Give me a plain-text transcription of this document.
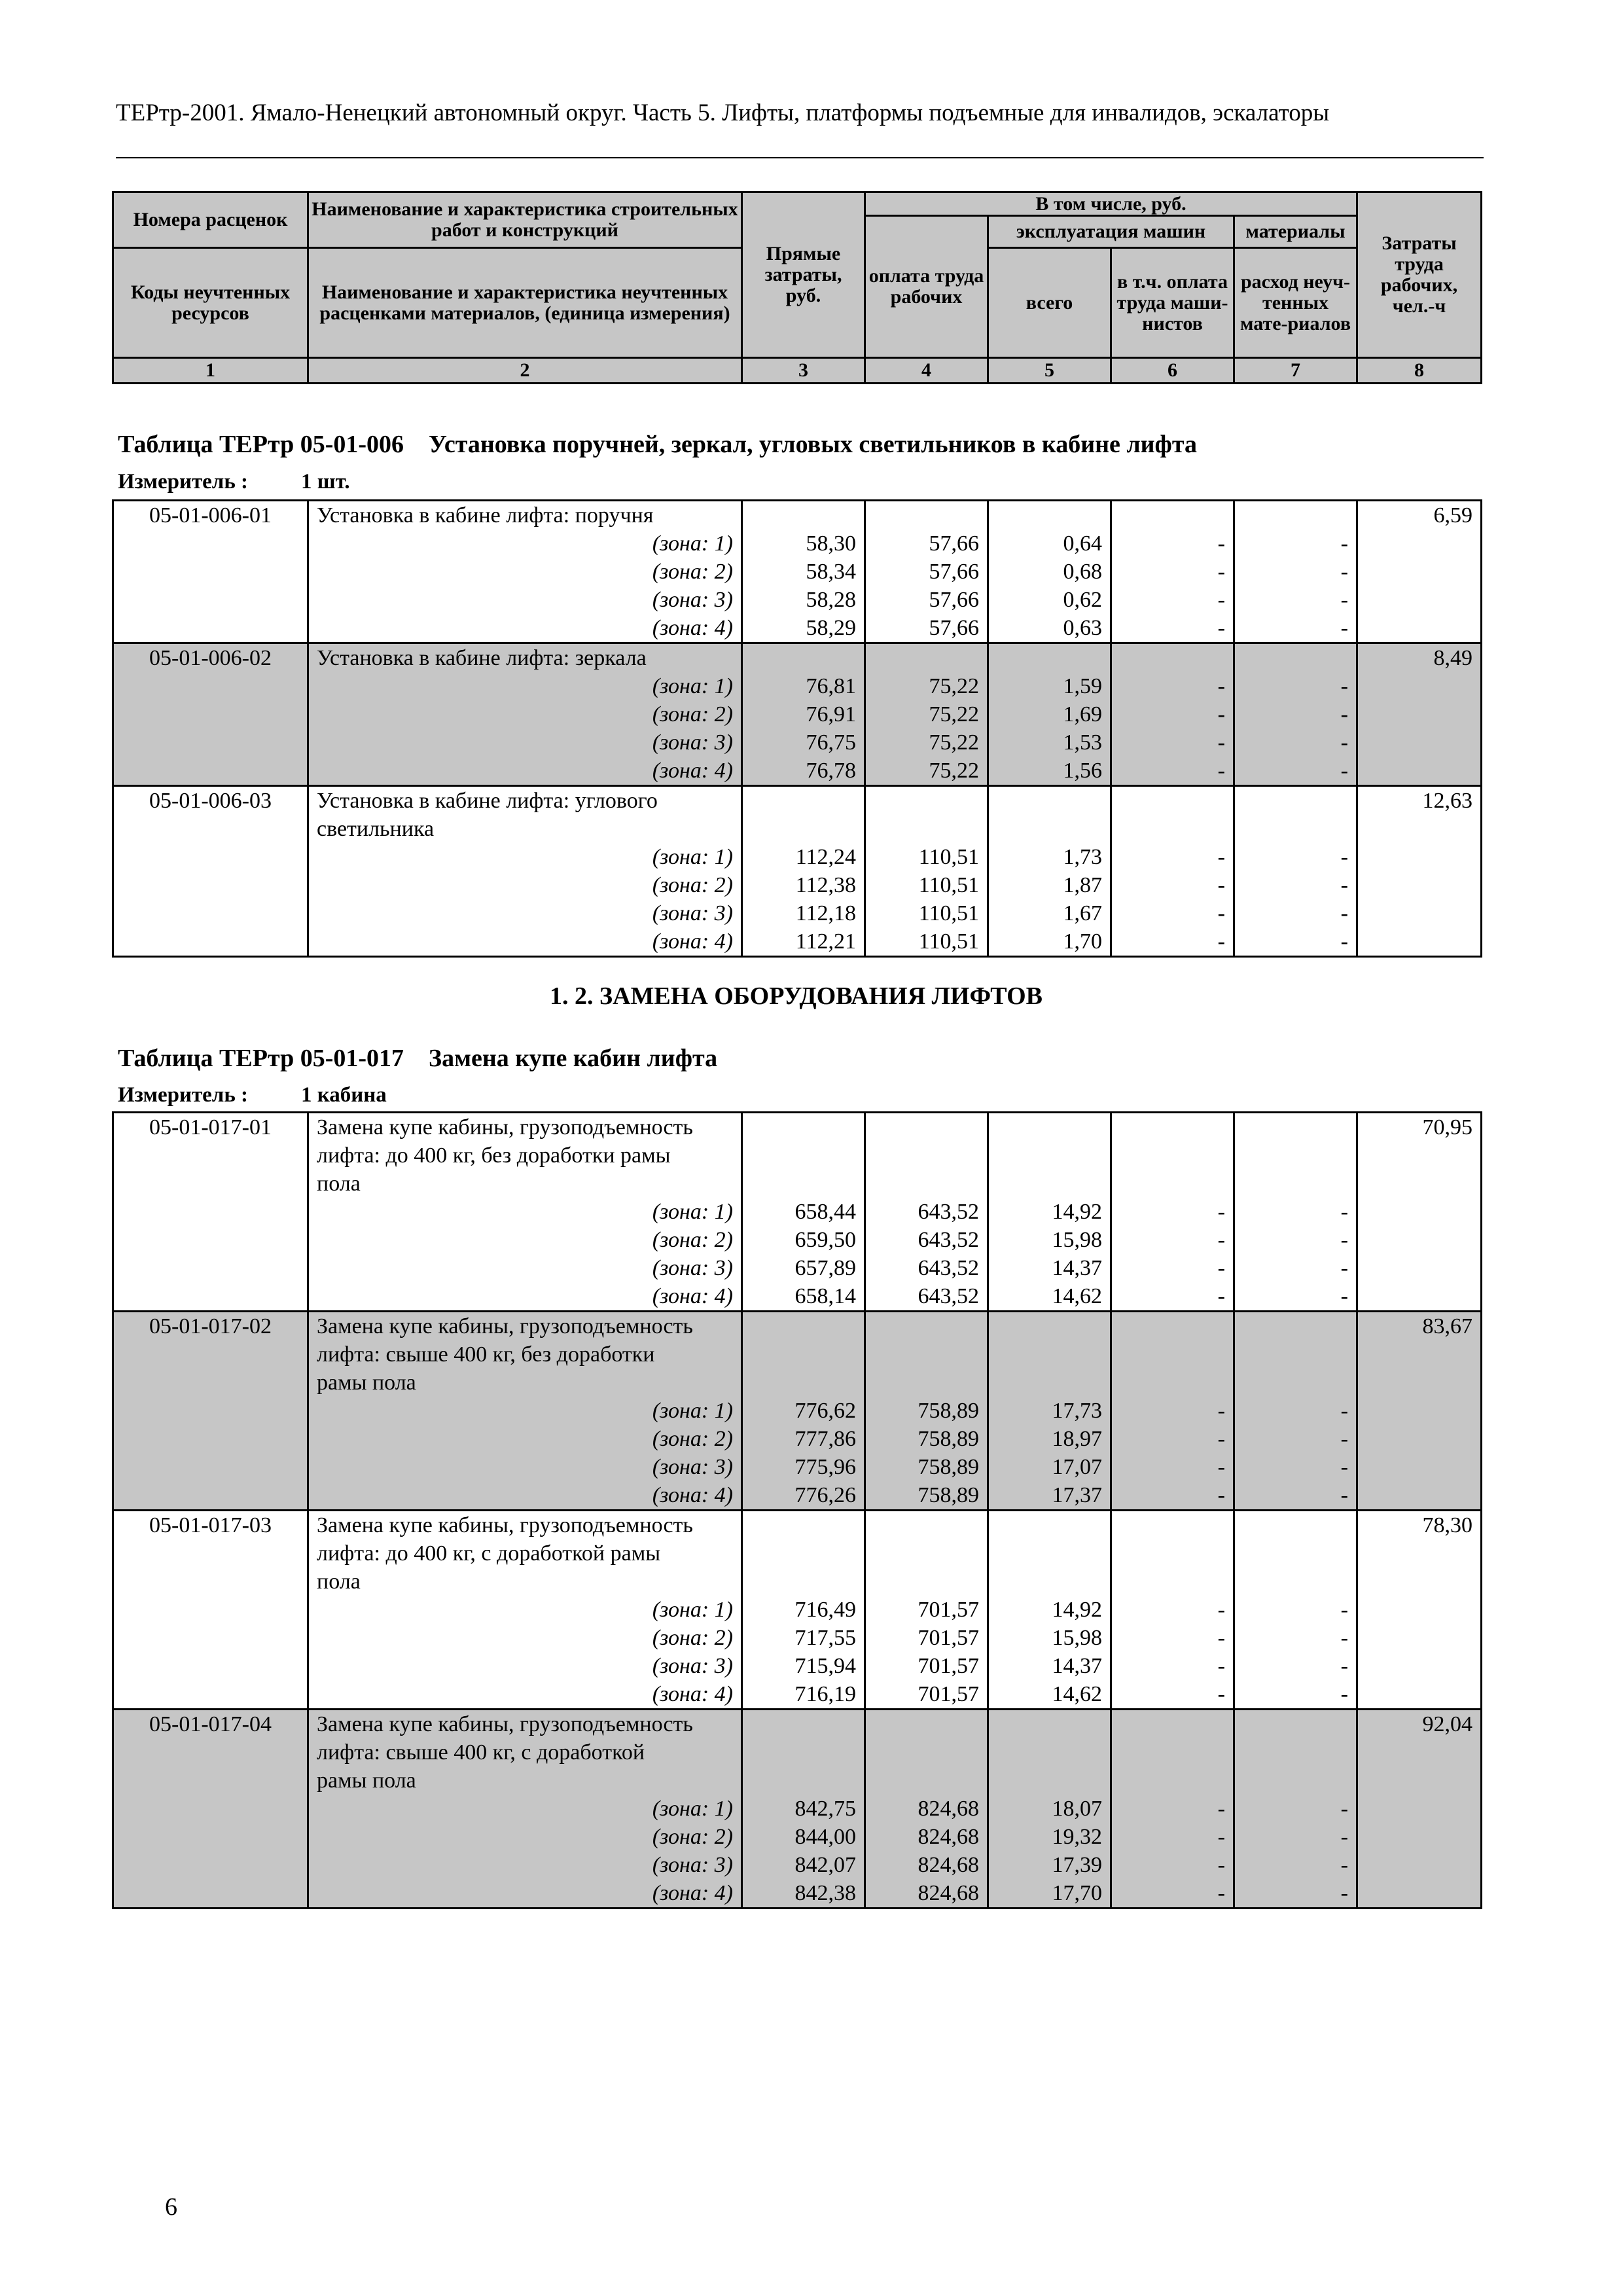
ТЕРтр-2001. Ямало-Ненецкий автономный округ. Часть 5. Лифты, платформы подъемные для инвалидов, эскалаторы
Номера расценок	Наименование и характеристика строительных работ и конструкций	Прямые затраты, руб.	В том числе, руб.				Затраты труда рабочих, чел.-ч
			оплата труда рабочих	эксплуатация машин		материалы	
Коды неучтенных ресурсов	Наименование и характеристика неучтенных расценками материалов, (единица измерения)			всего	в т.ч. оплата труда маши-нистов	расход неуч-тенных мате-риалов	

1	2	3	4	5	6	7	8
Таблица ТЕРтр 05-01-006 Установка поручней, зеркал, угловых светильников в кабине лифта
Измеритель : 1 шт.
05-01-006-01	Установка в кабине лифта: поручня						6,59
	(зона: 1)	58,30	57,66	0,64	-	-	
	(зона: 2)	58,34	57,66	0,68	-	-	
	(зона: 3)	58,28	57,66	0,62	-	-	
	(зона: 4)	58,29	57,66	0,63	-	-	
05-01-006-02	Установка в кабине лифта: зеркала						8,49
	(зона: 1)	76,81	75,22	1,59	-	-	
	(зона: 2)	76,91	75,22	1,69	-	-	
	(зона: 3)	76,75	75,22	1,53	-	-	
	(зона: 4)	76,78	75,22	1,56	-	-	
05-01-006-03	Установка в кабине лифта: углового						12,63
	светильника						
	(зона: 1)	112,24	110,51	1,73	-	-	
	(зона: 2)	112,38	110,51	1,87	-	-	
	(зона: 3)	112,18	110,51	1,67	-	-	
	(зона: 4)	112,21	110,51	1,70	-	-	
1. 2. ЗАМЕНА ОБОРУДОВАНИЯ ЛИФТОВ
Таблица ТЕРтр 05-01-017 Замена купе кабин лифта
Измеритель : 1 кабина
05-01-017-01	Замена купе кабины, грузоподъемность						70,95
	лифта: до 400 кг, без доработки рамы						
	пола						
	(зона: 1)	658,44	643,52	14,92	-	-	
	(зона: 2)	659,50	643,52	15,98	-	-	
	(зона: 3)	657,89	643,52	14,37	-	-	
	(зона: 4)	658,14	643,52	14,62	-	-	
05-01-017-02	Замена купе кабины, грузоподъемность						83,67
	лифта: свыше 400 кг, без доработки						
	рамы пола						
	(зона: 1)	776,62	758,89	17,73	-	-	
	(зона: 2)	777,86	758,89	18,97	-	-	
	(зона: 3)	775,96	758,89	17,07	-	-	
	(зона: 4)	776,26	758,89	17,37	-	-	
05-01-017-03	Замена купе кабины, грузоподъемность						78,30
	лифта: до 400 кг, с доработкой рамы						
	пола						
	(зона: 1)	716,49	701,57	14,92	-	-	
	(зона: 2)	717,55	701,57	15,98	-	-	
	(зона: 3)	715,94	701,57	14,37	-	-	
	(зона: 4)	716,19	701,57	14,62	-	-	
05-01-017-04	Замена купе кабины, грузоподъемность						92,04
	лифта: свыше 400 кг, с доработкой						
	рамы пола						
	(зона: 1)	842,75	824,68	18,07	-	-	
	(зона: 2)	844,00	824,68	19,32	-	-	
	(зона: 3)	842,07	824,68	17,39	-	-	
	(зона: 4)	842,38	824,68	17,70	-	-	
6
